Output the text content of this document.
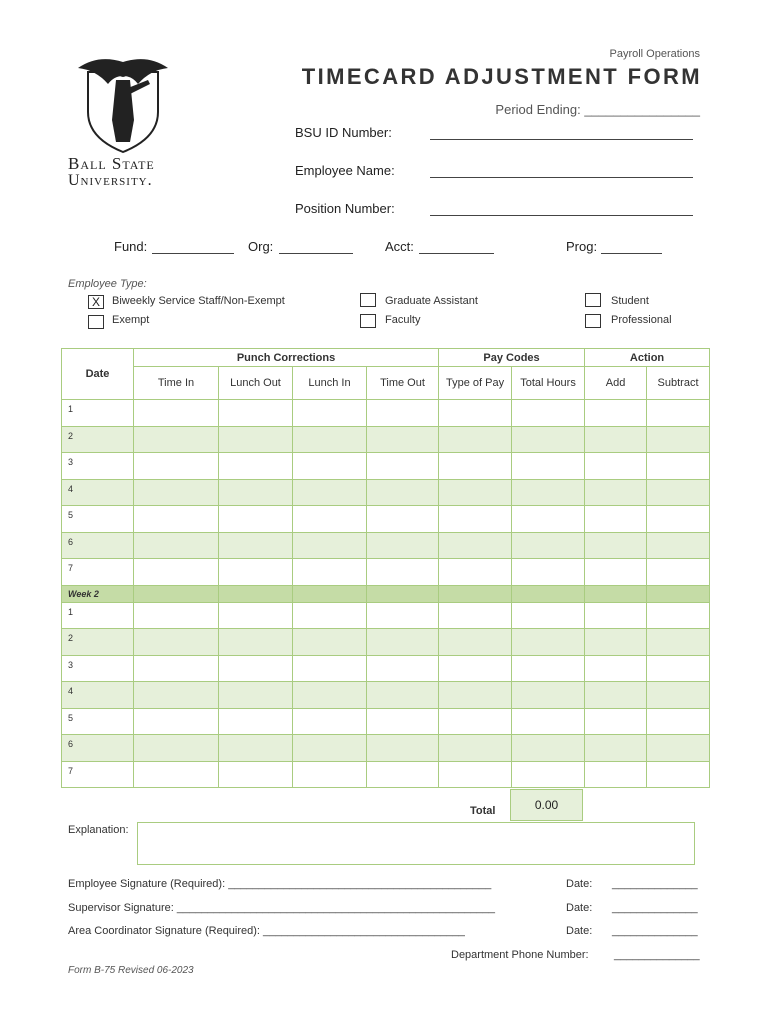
Ball State
University.
Payroll Operations
TIMECARD ADJUSTMENT FORM
Period Ending: ________________
BSU ID Number:
Employee Name:
Position Number:
Fund:	Org:	Acct:	Prog:
Employee Type:
X Biweekly Service Staff/Non-Exempt
Exempt
Graduate Assistant
Faculty
Student
Professional
Date	Punch Corrections				Pay Codes		Action	
	Time In	Lunch Out	Lunch In	Time Out	Type of Pay	Total Hours	Add	Subtract
1								
2								
3								
4								
5								
6								
7								
Week 2								
1								
2								
3								
4								
5								
6								
7								
Total	0.00
Explanation:
Employee Signature (Required): ___________________________________________	Date: ______________
Supervisor Signature: ____________________________________________________	Date: ______________
Area Coordinator Signature (Required): _________________________________	Date: ______________
Department Phone Number: ______________
Form B-75 Revised 06-2023
